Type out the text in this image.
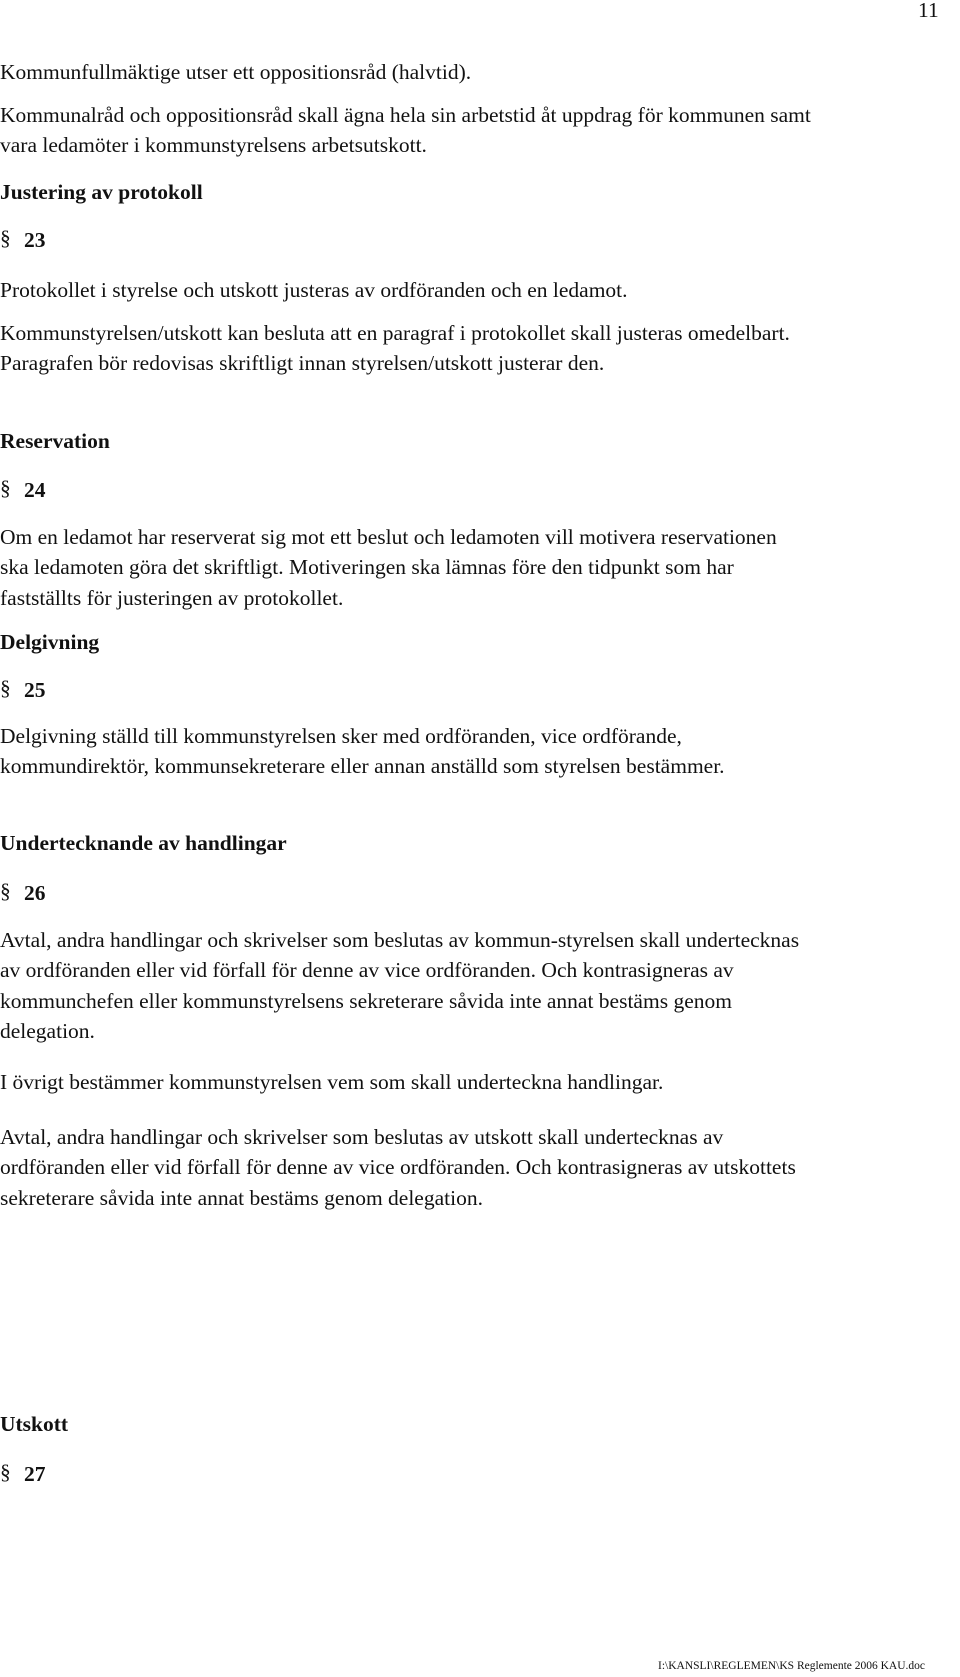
11
Kommunfullmäktige utser ett oppositionsråd (halvtid).
Kommunalråd och oppositionsråd skall ägna hela sin arbetstid åt uppdrag för kommunen samt vara ledamöter i kommunstyrelsens arbetsutskott.
Justering av protokoll
§ 23
Protokollet i styrelse och utskott justeras av ordföranden och en ledamot.
Kommunstyrelsen/utskott kan besluta att en paragraf i protokollet skall justeras omedelbart. Paragrafen bör redovisas skriftligt innan styrelsen/utskott justerar den.
Reservation
§ 24
Om en ledamot har reserverat sig mot ett beslut och ledamoten vill motivera reservationen ska ledamoten göra det skriftligt. Motiveringen ska lämnas före den tidpunkt som har fastställts för justeringen av protokollet.
Delgivning
§ 25
Delgivning ställd till kommunstyrelsen sker med ordföranden, vice ordförande, kommundirektör, kommunsekreterare eller annan anställd som styrelsen bestämmer.
Undertecknande av handlingar
§ 26
Avtal, andra handlingar och skrivelser som beslutas av kommun-styrelsen skall undertecknas av ordföranden eller vid förfall för denne av vice ordföranden. Och kontrasigneras av kommunchefen eller kommunstyrelsens sekreterare såvida inte annat bestäms genom delegation.
I övrigt bestämmer kommunstyrelsen vem som skall underteckna handlingar.
Avtal, andra handlingar och skrivelser som beslutas av utskott skall undertecknas av ordföranden eller vid förfall för denne av vice ordföranden. Och kontrasigneras av utskottets sekreterare såvida inte annat bestäms genom delegation.
Utskott
§ 27
I:\KANSLI\REGLEMEN\KS Reglemente 2006 KAU.doc
